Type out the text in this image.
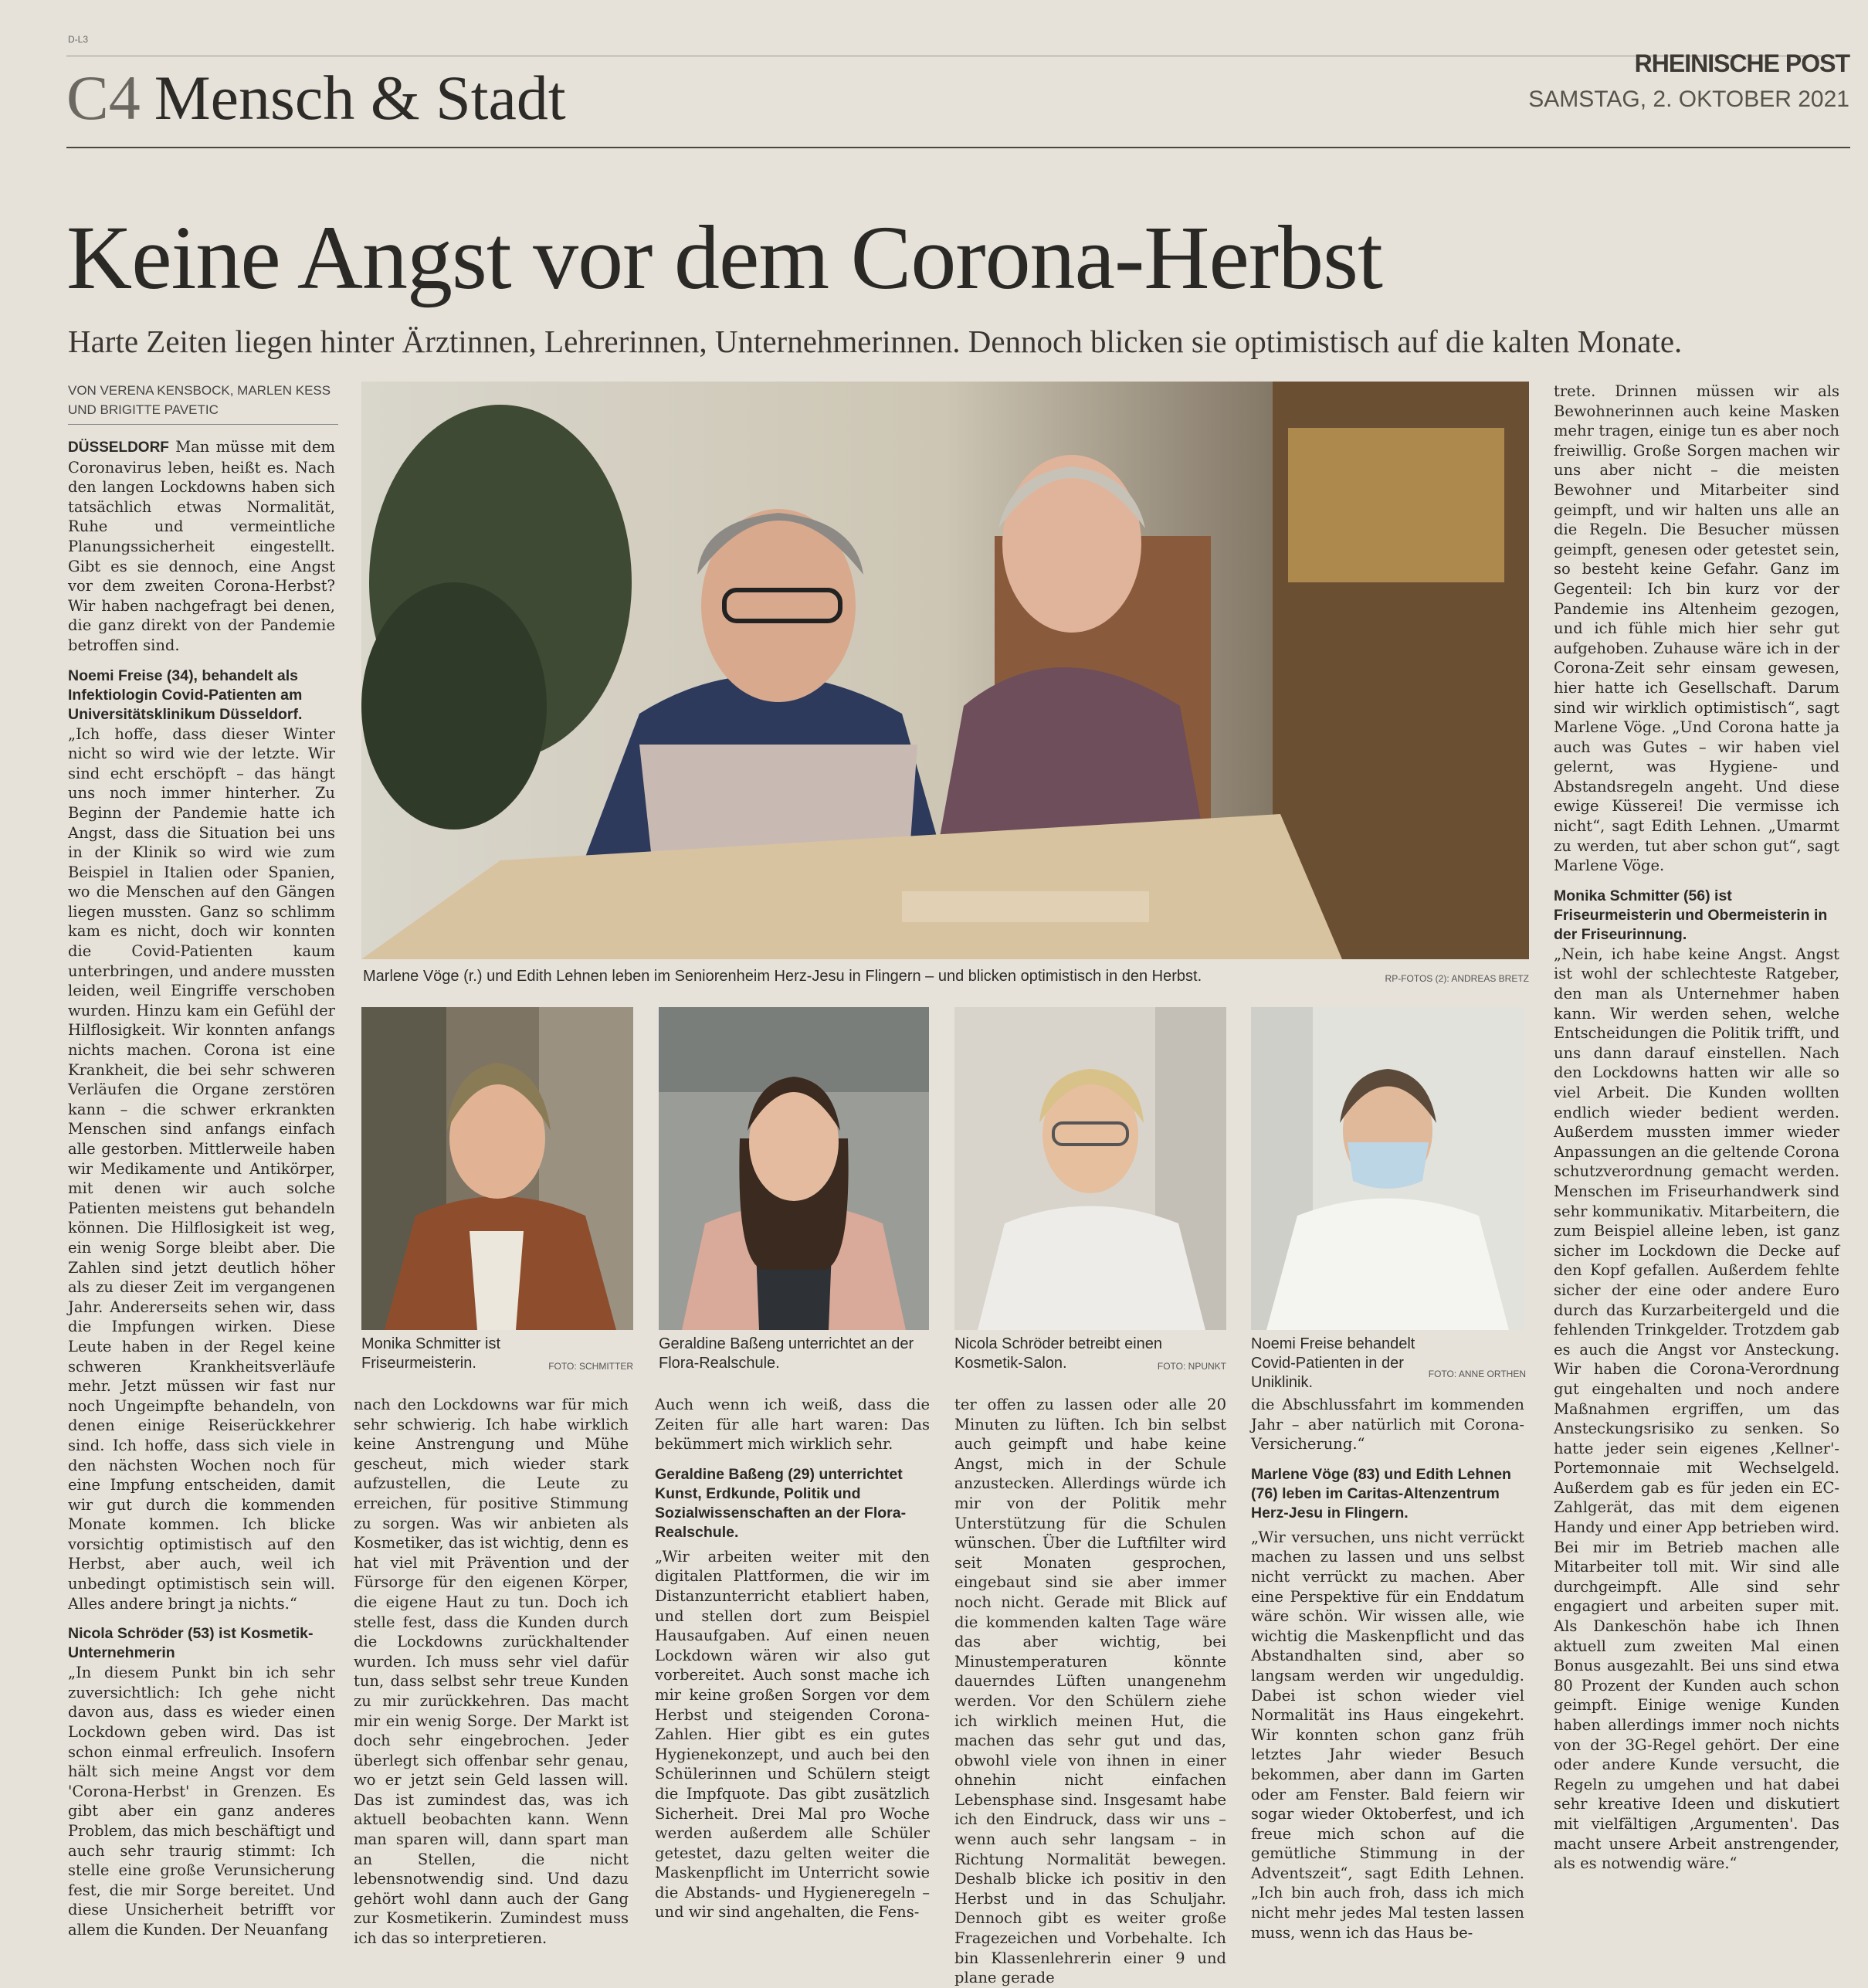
D-L3
C4 Mensch & Stadt	RHEINISCHE POST
SAMSTAG, 2. OKTOBER 2021
Keine Angst vor dem Corona-Herbst
Harte Zeiten liegen hinter Ärztinnen, Lehrerinnen, Unternehmerinnen. Dennoch blicken sie optimistisch auf die kalten Monate.
VON VERENA KENSBOCK, MARLEN KESS UND BRIGITTE PAVETIC

DÜSSELDORF Man müsse mit dem Coronavirus leben, heißt es. Nach den langen Lockdowns haben sich tatsächlich etwas Normalität, Ruhe und vermeintliche Planungssicherheit eingestellt. Gibt es sie dennoch, eine Angst vor dem zweiten Corona-Herbst? Wir haben nachgefragt bei denen, die ganz direkt von der Pandemie betroffen sind.

Noemi Freise (34), behandelt als Infektiologin Covid-Patienten am Universitätsklinikum Düsseldorf.

„Ich hoffe, dass dieser Winter nicht so wird wie der letzte. Wir sind echt erschöpft – das hängt uns noch immer hinterher. Zu Beginn der Pandemie hatte ich Angst, dass die Situation bei uns in der Klinik so wird wie zum Beispiel in Italien oder Spanien, wo die Menschen auf den Gängen liegen mussten. Ganz so schlimm kam es nicht, doch wir konnten die Covid-Patienten kaum unterbringen, und andere mussten leiden, weil Eingriffe verschoben wurden. Hinzu kam ein Gefühl der Hilflosigkeit. Wir konnten anfangs nichts machen. Corona ist eine Krankheit, die bei sehr schweren Verläufen die Organe zerstören kann – die schwer erkrankten Menschen sind anfangs einfach alle gestorben. Mittlerweile haben wir Medikamente und Antikörper, mit denen wir auch solche Patienten meistens gut behandeln können. Die Hilflosigkeit ist weg, ein wenig Sorge bleibt aber. Die Zahlen sind jetzt deutlich höher als zu dieser Zeit im vergangenen Jahr. Andererseits sehen wir, dass die Impfungen wirken. Diese Leute haben in der Regel keine schweren Krankheitsverläufe mehr. Jetzt müssen wir fast nur noch Ungeimpfte behandeln, von denen einige Reiserückkehrer sind. Ich hoffe, dass sich viele in den nächsten Wochen noch für eine Impfung entscheiden, damit wir gut durch die kommenden Monate kommen. Ich blicke vorsichtig optimistisch auf den Herbst, aber auch, weil ich unbedingt optimistisch sein will. Alles andere bringt ja nichts.“

Nicola Schröder (53) ist Kosmetik-Unternehmerin

„In diesem Punkt bin ich sehr zuversichtlich: Ich gehe nicht davon aus, dass es wieder einen Lockdown geben wird. Das ist schon einmal erfreulich. Insofern hält sich meine Angst vor dem 'Corona-Herbst' in Grenzen. Es gibt aber ein ganz anderes Problem, das mich beschäftigt und auch sehr traurig stimmt: Ich stelle eine große Verunsicherung fest, die mir Sorge bereitet. Und diese Unsicherheit betrifft vor allem die Kunden. Der Neuanfang

Marlene Vöge (r.) und Edith Lehnen leben im Seniorenheim Herz-Jesu in Flingern – und blicken optimistisch in den Herbst.	RP-FOTOS (2): ANDREAS BRETZ
Monika Schmitter ist Friseurmeisterin.	FOTO: SCHMITTER
Geraldine Baßeng unterrichtet an der Flora-Realschule.
Nicola Schröder betreibt einen Kosmetik-Salon.	FOTO: NPUNKT
Noemi Freise behandelt Covid-Patienten in der Uniklinik.	FOTO: ANNE ORTHEN

nach den Lockdowns war für mich sehr schwierig. Ich habe wirklich keine Anstrengung und Mühe gescheut, mich wieder stark aufzustellen, die Leute zu erreichen, für positive Stimmung zu sorgen. Was wir anbieten als Kosmetiker, das ist wichtig, denn es hat viel mit Prävention und der Fürsorge für den eigenen Körper, die eigene Haut zu tun. Doch ich stelle fest, dass die Kunden durch die Lockdowns zurückhaltender wurden. Ich muss sehr viel dafür tun, dass selbst sehr treue Kunden zu mir zurückkehren. Das macht mir ein wenig Sorge. Der Markt ist doch sehr eingebrochen. Jeder überlegt sich offenbar sehr genau, wo er jetzt sein Geld lassen will. Das ist zumindest das, was ich aktuell beobachten kann. Wenn man sparen will, dann spart man an Stellen, die nicht lebensnotwendig sind. Und dazu gehört wohl dann auch der Gang zur Kosmetikerin. Zumindest muss ich das so interpretieren.

Auch wenn ich weiß, dass die Zeiten für alle hart waren: Das bekümmert mich wirklich sehr.

Geraldine Baßeng (29) unterrichtet Kunst, Erdkunde, Politik und Sozialwissenschaften an der Flora-Realschule.

„Wir arbeiten weiter mit den digitalen Plattformen, die wir im Distanzunterricht etabliert haben, und stellen dort zum Beispiel Hausaufgaben. Auf einen neuen Lockdown wären wir also gut vorbereitet. Auch sonst mache ich mir keine großen Sorgen vor dem Herbst und steigenden Corona-Zahlen. Hier gibt es ein gutes Hygienekonzept, und auch bei den Schülerinnen und Schülern steigt die Impfquote. Das gibt zusätzlich Sicherheit. Drei Mal pro Woche werden außerdem alle Schüler getestet, dazu gelten weiter die Maskenpflicht im Unterricht sowie die Abstands- und Hygieneregeln – und wir sind angehalten, die Fens-

ter offen zu lassen oder alle 20 Minuten zu lüften. Ich bin selbst auch geimpft und habe keine Angst, mich in der Schule anzustecken. Allerdings würde ich mir von der Politik mehr Unterstützung für die Schulen wünschen. Über die Luftfilter wird seit Monaten gesprochen, eingebaut sind sie aber immer noch nicht. Gerade mit Blick auf die kommenden kalten Tage wäre das aber wichtig, bei Minustemperaturen könnte dauerndes Lüften unangenehm werden. Vor den Schülern ziehe ich wirklich meinen Hut, die machen das sehr gut und das, obwohl viele von ihnen in einer ohnehin nicht einfachen Lebensphase sind. Insgesamt habe ich den Eindruck, dass wir uns – wenn auch sehr langsam – in Richtung Normalität bewegen. Deshalb blicke ich positiv in den Herbst und in das Schuljahr. Dennoch gibt es weiter große Fragezeichen und Vorbehalte. Ich bin Klassenlehrerin einer 9 und plane gerade

die Abschlussfahrt im kommenden Jahr – aber natürlich mit Corona-Versicherung.“

Marlene Vöge (83) und Edith Lehnen (76) leben im Caritas-Altenzentrum Herz-Jesu in Flingern.

„Wir versuchen, uns nicht verrückt machen zu lassen und uns selbst nicht verrückt zu machen. Aber eine Perspektive für ein Enddatum wäre schön. Wir wissen alle, wie wichtig die Maskenpflicht und das Abstandhalten sind, aber so langsam werden wir ungeduldig. Dabei ist schon wieder viel Normalität ins Haus eingekehrt. Wir konnten schon ganz früh letztes Jahr wieder Besuch bekommen, aber dann im Garten oder am Fenster. Bald feiern wir sogar wieder Oktoberfest, und ich freue mich schon auf die gemütliche Stimmung in der Adventszeit“, sagt Edith Lehnen. „Ich bin auch froh, dass ich mich nicht mehr jedes Mal testen lassen muss, wenn ich das Haus be-

trete. Drinnen müssen wir als Bewohnerinnen auch keine Masken mehr tragen, einige tun es aber noch freiwillig. Große Sorgen machen wir uns aber nicht – die meisten Bewohner und Mitarbeiter sind geimpft, und wir halten uns alle an die Regeln. Die Besucher müssen geimpft, genesen oder getestet sein, so besteht keine Gefahr. Ganz im Gegenteil: Ich bin kurz vor der Pandemie ins Altenheim gezogen, und ich fühle mich hier sehr gut aufgehoben. Zuhause wäre ich in der Corona-Zeit sehr einsam gewesen, hier hatte ich Gesellschaft. Darum sind wir wirklich optimistisch“, sagt Marlene Vöge. „Und Corona hatte ja auch was Gutes – wir haben viel gelernt, was Hygiene- und Abstandsregeln angeht. Und diese ewige Küsserei! Die vermisse ich nicht“, sagt Edith Lehnen. „Umarmt zu werden, tut aber schon gut“, sagt Marlene Vöge.

Monika Schmitter (56) ist Friseurmeisterin und Obermeisterin in der Friseurinnung.

„Nein, ich habe keine Angst. Angst ist wohl der schlechteste Ratgeber, den man als Unternehmer haben kann. Wir werden sehen, welche Entscheidungen die Politik trifft, und uns dann darauf einstellen. Nach den Lockdowns hatten wir alle so viel Arbeit. Die Kunden wollten endlich wieder bedient werden. Außerdem mussten immer wieder Anpassungen an die geltende Corona schutzverordnung gemacht werden. Menschen im Friseurhandwerk sind sehr kommunikativ. Mitarbeitern, die zum Beispiel alleine leben, ist ganz sicher im Lockdown die Decke auf den Kopf gefallen. Außerdem fehlte sicher der eine oder andere Euro durch das Kurzarbeitergeld und die fehlenden Trinkgelder. Trotzdem gab es auch die Angst vor Ansteckung. Wir haben die Corona-Verordnung gut eingehalten und noch andere Maßnahmen ergriffen, um das Ansteckungsrisiko zu senken. So hatte jeder sein eigenes ‚Kellner'-Portemonnaie mit Wechselgeld. Außerdem gab es für jeden ein EC- Zahlgerät, das mit dem eigenen Handy und einer App betrieben wird. Bei mir im Betrieb machen alle Mitarbeiter toll mit. Wir sind alle durchgeimpft. Alle sind sehr engagiert und arbeiten super mit. Als Dankeschön habe ich Ihnen aktuell zum zweiten Mal einen Bonus ausgezahlt. Bei uns sind etwa 80 Prozent der Kunden auch schon geimpft. Einige wenige Kunden haben allerdings immer noch nichts von der 3G-Regel gehört. Der eine oder andere Kunde versucht, die Regeln zu umgehen und hat dabei sehr kreative Ideen und diskutiert mit vielfältigen ‚Argumenten'. Das macht unsere Arbeit anstrengender, als es notwendig wäre.“
